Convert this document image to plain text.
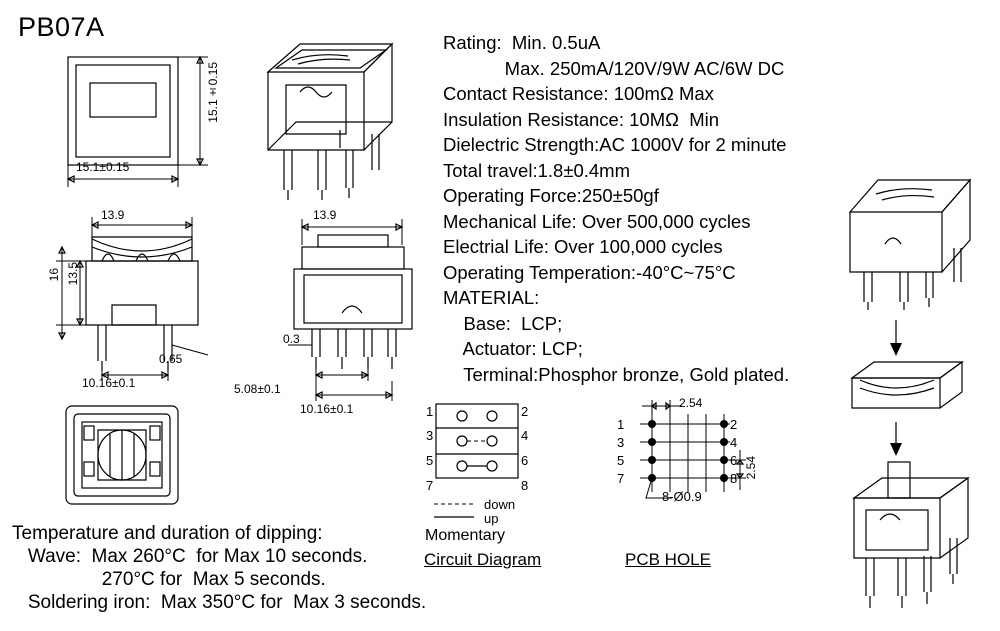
PB07A
Rating:  Min. 0.5uA
Max. 250mA/120V/9W AC/6W DC
Contact Resistance: 100mΩ Max
Insulation Resistance: 10MΩ  Min
Dielectric Strength:AC 1000V for 2 minute
Total travel:1.8±0.4mm
Operating Force:250±50gf
Mechanical Life: Over 500,000 cycles
Electrial Life: Over 100,000 cycles
Operating Temperation:-40°C~75°C
MATERIAL:
Base:  LCP;
Actuator: LCP;
Terminal:Phosphor bronze, Gold plated.
15.1±0.15
15.1±0.15
13.9
16 13.5
0.65
10.16±0.1
13.9
0.3
5.08±0.1
10.16±0.1	1	2
3	4
5	6
7	8
down
up
Momentary
Circuit Diagram
2.54
2.54
1	2
3	4
5	6
7	8
8-Ø0.9
PCB HOLE
Temperature and duration of dipping:
Wave:  Max 260°C  for Max 10 seconds.
270°C for  Max 5 seconds.
Soldering iron:  Max 350°C for  Max 3 seconds.
